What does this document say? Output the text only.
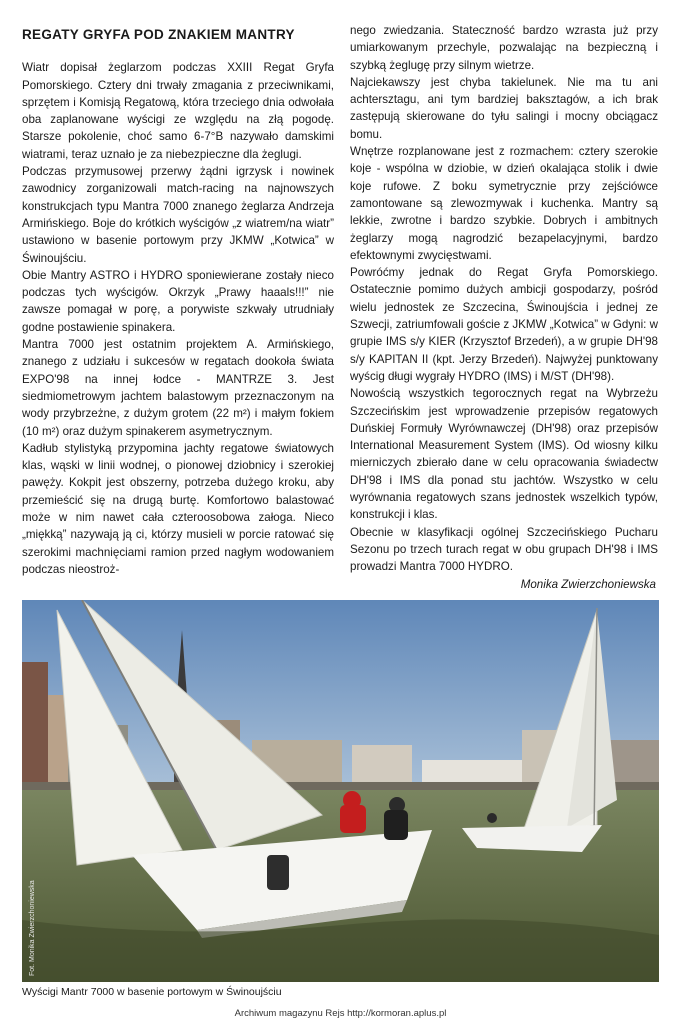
REGATY GRYFA POD ZNAKIEM MANTRY

Wiatr dopisał żeglarzom podczas XXIII Regat Gryfa Pomorskiego. Cztery dni trwały zmagania z przeciwnikami, sprzętem i Komisją Regatową, która trzeciego dnia odwołała oba zaplanowane wyścigi ze względu na złą pogodę. Starsze pokolenie, choć samo 6-7°B nazywało damskimi wiatrami, teraz uznało je za niebezpieczne dla żeglugi.

Podczas przymusowej przerwy żądni igrzysk i nowinek zawodnicy zorganizowali match-racing na najnowszych konstrukcjach typu Mantra 7000 znanego żeglarza Andrzeja Armińskiego. Boje do krótkich wyścigów „z wiatrem/na wiatr” ustawiono w basenie portowym przy JKMW „Kotwica” w Świnoujściu.

Obie Mantry ASTRO i HYDRO sponiewierane zostały nieco podczas tych wyścigów. Okrzyk „Prawy haaals!!!” nie zawsze pomagał w porę, a porywiste szkwały utrudniały godne postawienie spinakera.

Mantra 7000 jest ostatnim projektem A. Armińskiego, znanego z udziału i sukcesów w regatach dookoła świata EXPO'98 na innej łodce - MANTRZE 3. Jest siedmiometrowym jachtem balastowym przeznaczonym na wody przybrzeżne, z dużym grotem (22 m²) i małym fokiem (10 m²) oraz dużym spinakerem asymetrycznym.

Kadłub stylistyką przypomina jachty regatowe światowych klas, wąski w linii wodnej, o pionowej dziobnicy i szerokiej pawęży. Kokpit jest obszerny, potrzeba dużego kroku, aby przemieścić się na drugą burtę. Komfortowo balastować może w nim nawet cała czteroosobowa załoga. Nieco „miękką” nazywają ją ci, którzy musieli w porcie ratować się szerokimi machnięciami ramion przed nagłym wodowaniem podczas nieostroż-

nego zwiedzania. Stateczność bardzo wzrasta już przy umiarkowanym przechyle, pozwalając na bezpieczną i szybką żeglugę przy silnym wietrze.

Najciekawszy jest chyba takielunek. Nie ma tu ani achtersztagu, ani tym bardziej baksztagów, a ich brak zastępują skierowane do tyłu salingi i mocny obciągacz bomu.

Wnętrze rozplanowane jest z rozmachem: cztery szerokie koje - wspólna w dziobie, w dzień okalająca stolik i dwie koje rufowe. Z boku symetrycznie przy zejściówce zamontowane są zlewozmywak i kuchenka. Mantry są lekkie, zwrotne i bardzo szybkie. Dobrych i ambitnych żeglarzy mogą nagrodzić bezapelacyjnymi, bardzo efektownymi zwycięstwami.

Powróćmy jednak do Regat Gryfa Pomorskiego. Ostatecznie pomimo dużych ambicji gospodarzy, pośród wielu jednostek ze Szczecina, Świnoujścia i jednej ze Szwecji, zatriumfowali goście z JKMW „Kotwica” w Gdyni: w grupie IMS s/y KIER (Krzysztof Brzedeń), a w grupie DH'98 s/y KAPITAN II (kpt. Jerzy Brzedeń). Najwyżej punktowany wyścig długi wygrały HYDRO (IMS) i M/ST (DH'98).

Nowością wszystkich tegorocznych regat na Wybrzeżu Szczecińskim jest wprowadzenie przepisów regatowych Duńskiej Formuły Wyrównawczej (DH'98) oraz przepisów International Measurement System (IMS). Od wiosny kilku mierniczych zbierało dane w celu opracowania świadectw DH'98 i IMS dla ponad stu jachtów. Wszystko w celu wyrównania regatowych szans jednostek wszelkich typów, konstrukcji i klas.

Obecnie w klasyfikacji ogólnej Szczecińskiego Pucharu Sezonu po trzech turach regat w obu grupach DH'98 i IMS prowadzi Mantra 7000 HYDRO.

Monika Zwierzchoniewska

Fot. Monika Zwierzchoniewska
Wyścigi Mantr 7000 w basenie portowym w Świnoujściu
Archiwum magazynu Rejs http://kormoran.aplus.pl
